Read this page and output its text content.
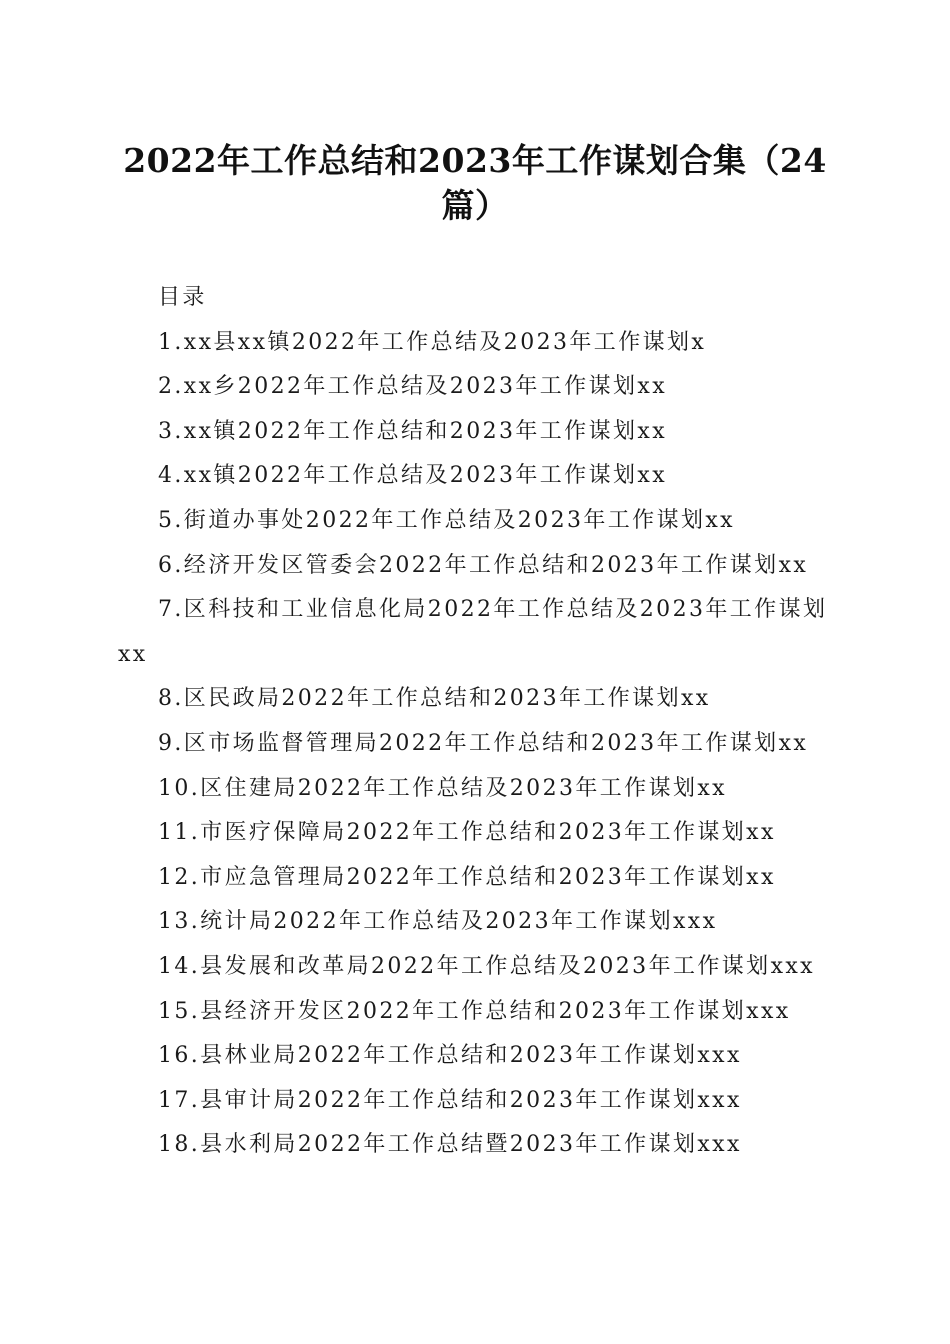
2022年工作总结和2023年工作谋划合集（24篇）

目录

1.xx县xx镇2022年工作总结及2023年工作谋划x

2.xx乡2022年工作总结及2023年工作谋划xx

3.xx镇2022年工作总结和2023年工作谋划xx

4.xx镇2022年工作总结及2023年工作谋划xx

5.街道办事处2022年工作总结及2023年工作谋划xx

6.经济开发区管委会2022年工作总结和2023年工作谋划xx

7.区科技和工业信息化局2022年工作总结及2023年工作谋划xx

8.区民政局2022年工作总结和2023年工作谋划xx

9.区市场监督管理局2022年工作总结和2023年工作谋划xx

10.区住建局2022年工作总结及2023年工作谋划xx

11.市医疗保障局2022年工作总结和2023年工作谋划xx

12.市应急管理局2022年工作总结和2023年工作谋划xx

13.统计局2022年工作总结及2023年工作谋划xxx

14.县发展和改革局2022年工作总结及2023年工作谋划xxx

15.县经济开发区2022年工作总结和2023年工作谋划xxx

16.县林业局2022年工作总结和2023年工作谋划xxx

17.县审计局2022年工作总结和2023年工作谋划xxx

18.县水利局2022年工作总结暨2023年工作谋划xxx
